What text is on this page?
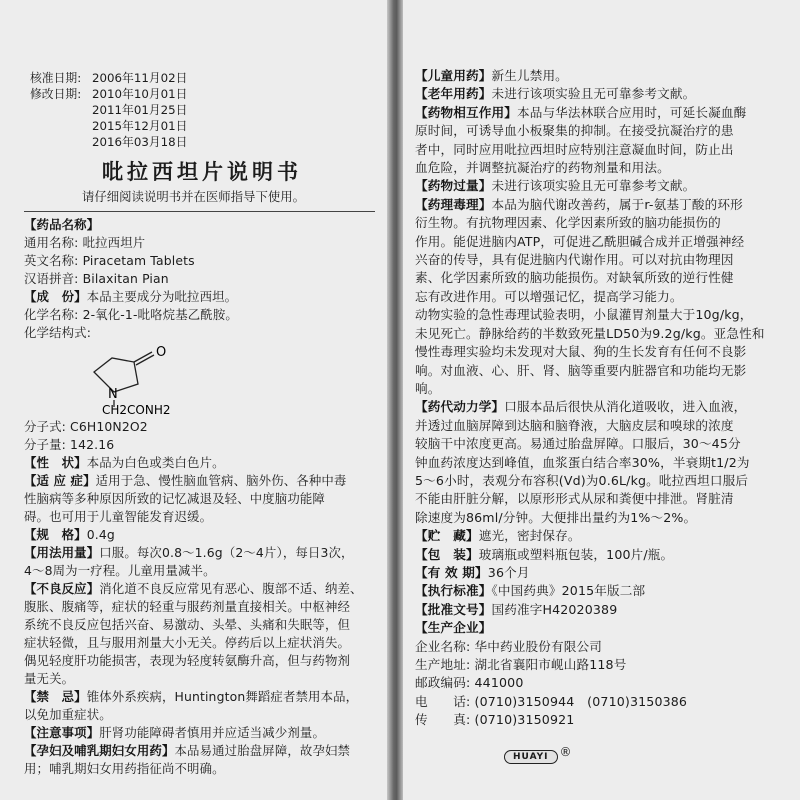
核准日期: 2006年11月02日
修改日期: 2010年10月01日
2011年01月25日
2015年12月01日
2016年03月18日
吡拉西坦片说明书
请仔细阅读说明书并在医师指导下使用。
【药品名称】
通用名称: 吡拉西坦片
英文名称: Piracetam Tablets
汉语拼音: Bilaxitan Pian
【成　份】本品主要成分为吡拉西坦。
化学名称: 2-氧化-1-吡咯烷基乙酰胺。
化学结构式:
O
N
CH2CONH2
分子式: C6H10N2O2
分子量: 142.16
【性　状】本品为白色或类白色片。
【适 应 症】适用于急、慢性脑血管病、脑外伤、各种中毒
性脑病等多种原因所致的记忆减退及轻、中度脑功能障
碍。也可用于儿童智能发育迟缓。
【规　格】0.4g
【用法用量】口服。每次0.8～1.6g（2～4片），每日3次，
4～8周为一疗程。儿童用量减半。
【不良反应】消化道不良反应常见有恶心、腹部不适、纳差、
腹胀、腹痛等，症状的轻重与服药剂量直接相关。中枢神经
系统不良反应包括兴奋、易激动、头晕、头痛和失眠等，但
症状轻微，且与服用剂量大小无关。停药后以上症状消失。
偶见轻度肝功能损害，表现为轻度转氨酶升高，但与药物剂
量无关。
【禁　忌】锥体外系疾病，Huntington舞蹈症者禁用本品，
以免加重症状。
【注意事项】肝肾功能障碍者慎用并应适当减少剂量。
【孕妇及哺乳期妇女用药】本品易通过胎盘屏障，故孕妇禁
用；哺乳期妇女用药指征尚不明确。
【儿童用药】新生儿禁用。
【老年用药】未进行该项实验且无可靠参考文献。
【药物相互作用】本品与华法林联合应用时，可延长凝血酶
原时间，可诱导血小板聚集的抑制。在接受抗凝治疗的患
者中，同时应用吡拉西坦时应特别注意凝血时间，防止出
血危险，并调整抗凝治疗的药物剂量和用法。
【药物过量】未进行该项实验且无可靠参考文献。
【药理毒理】本品为脑代谢改善药，属于r-氨基丁酸的环形
衍生物。有抗物理因素、化学因素所致的脑功能损伤的
作用。能促进脑内ATP，可促进乙酰胆碱合成并正增强神经
兴奋的传导，具有促进脑内代谢作用。可以对抗由物理因
素、化学因素所致的脑功能损伤。对缺氧所致的逆行性健
忘有改进作用。可以增强记忆，提高学习能力。
动物实验的急性毒理试验表明，小鼠灌胃剂量大于10g/kg，
未见死亡。静脉给药的半数致死量LD50为9.2g/kg。亚急性和
慢性毒理实验均未发现对大鼠、狗的生长发育有任何不良影
响。对血液、心、肝、肾、脑等重要内脏器官和功能均无影
响。
【药代动力学】口服本品后很快从消化道吸收，进入血液，
并透过血脑屏障到达脑和脑脊液，大脑皮层和嗅球的浓度
较脑干中浓度更高。易通过胎盘屏障。口服后，30～45分
钟血药浓度达到峰值，血浆蛋白结合率30%，半衰期t1/2为
5～6小时，表观分布容积(Vd)为0.6L/kg。吡拉西坦口服后
不能由肝脏分解，以原形形式从尿和粪便中排泄。肾脏清
除速度为86ml/分钟。大便排出量约为1%～2%。
【贮　藏】遮光，密封保存。
【包　装】玻璃瓶或塑料瓶包装，100片/瓶。
【有 效 期】36个月
【执行标准】《中国药典》2015年版二部
【批准文号】国药准字H42020389
【生产企业】
企业名称: 华中药业股份有限公司
生产地址: 湖北省襄阳市岘山路118号
邮政编码: 441000
电　　话: (0710)3150944　(0710)3150386
传　　真: (0710)3150921
HUAYI ®
